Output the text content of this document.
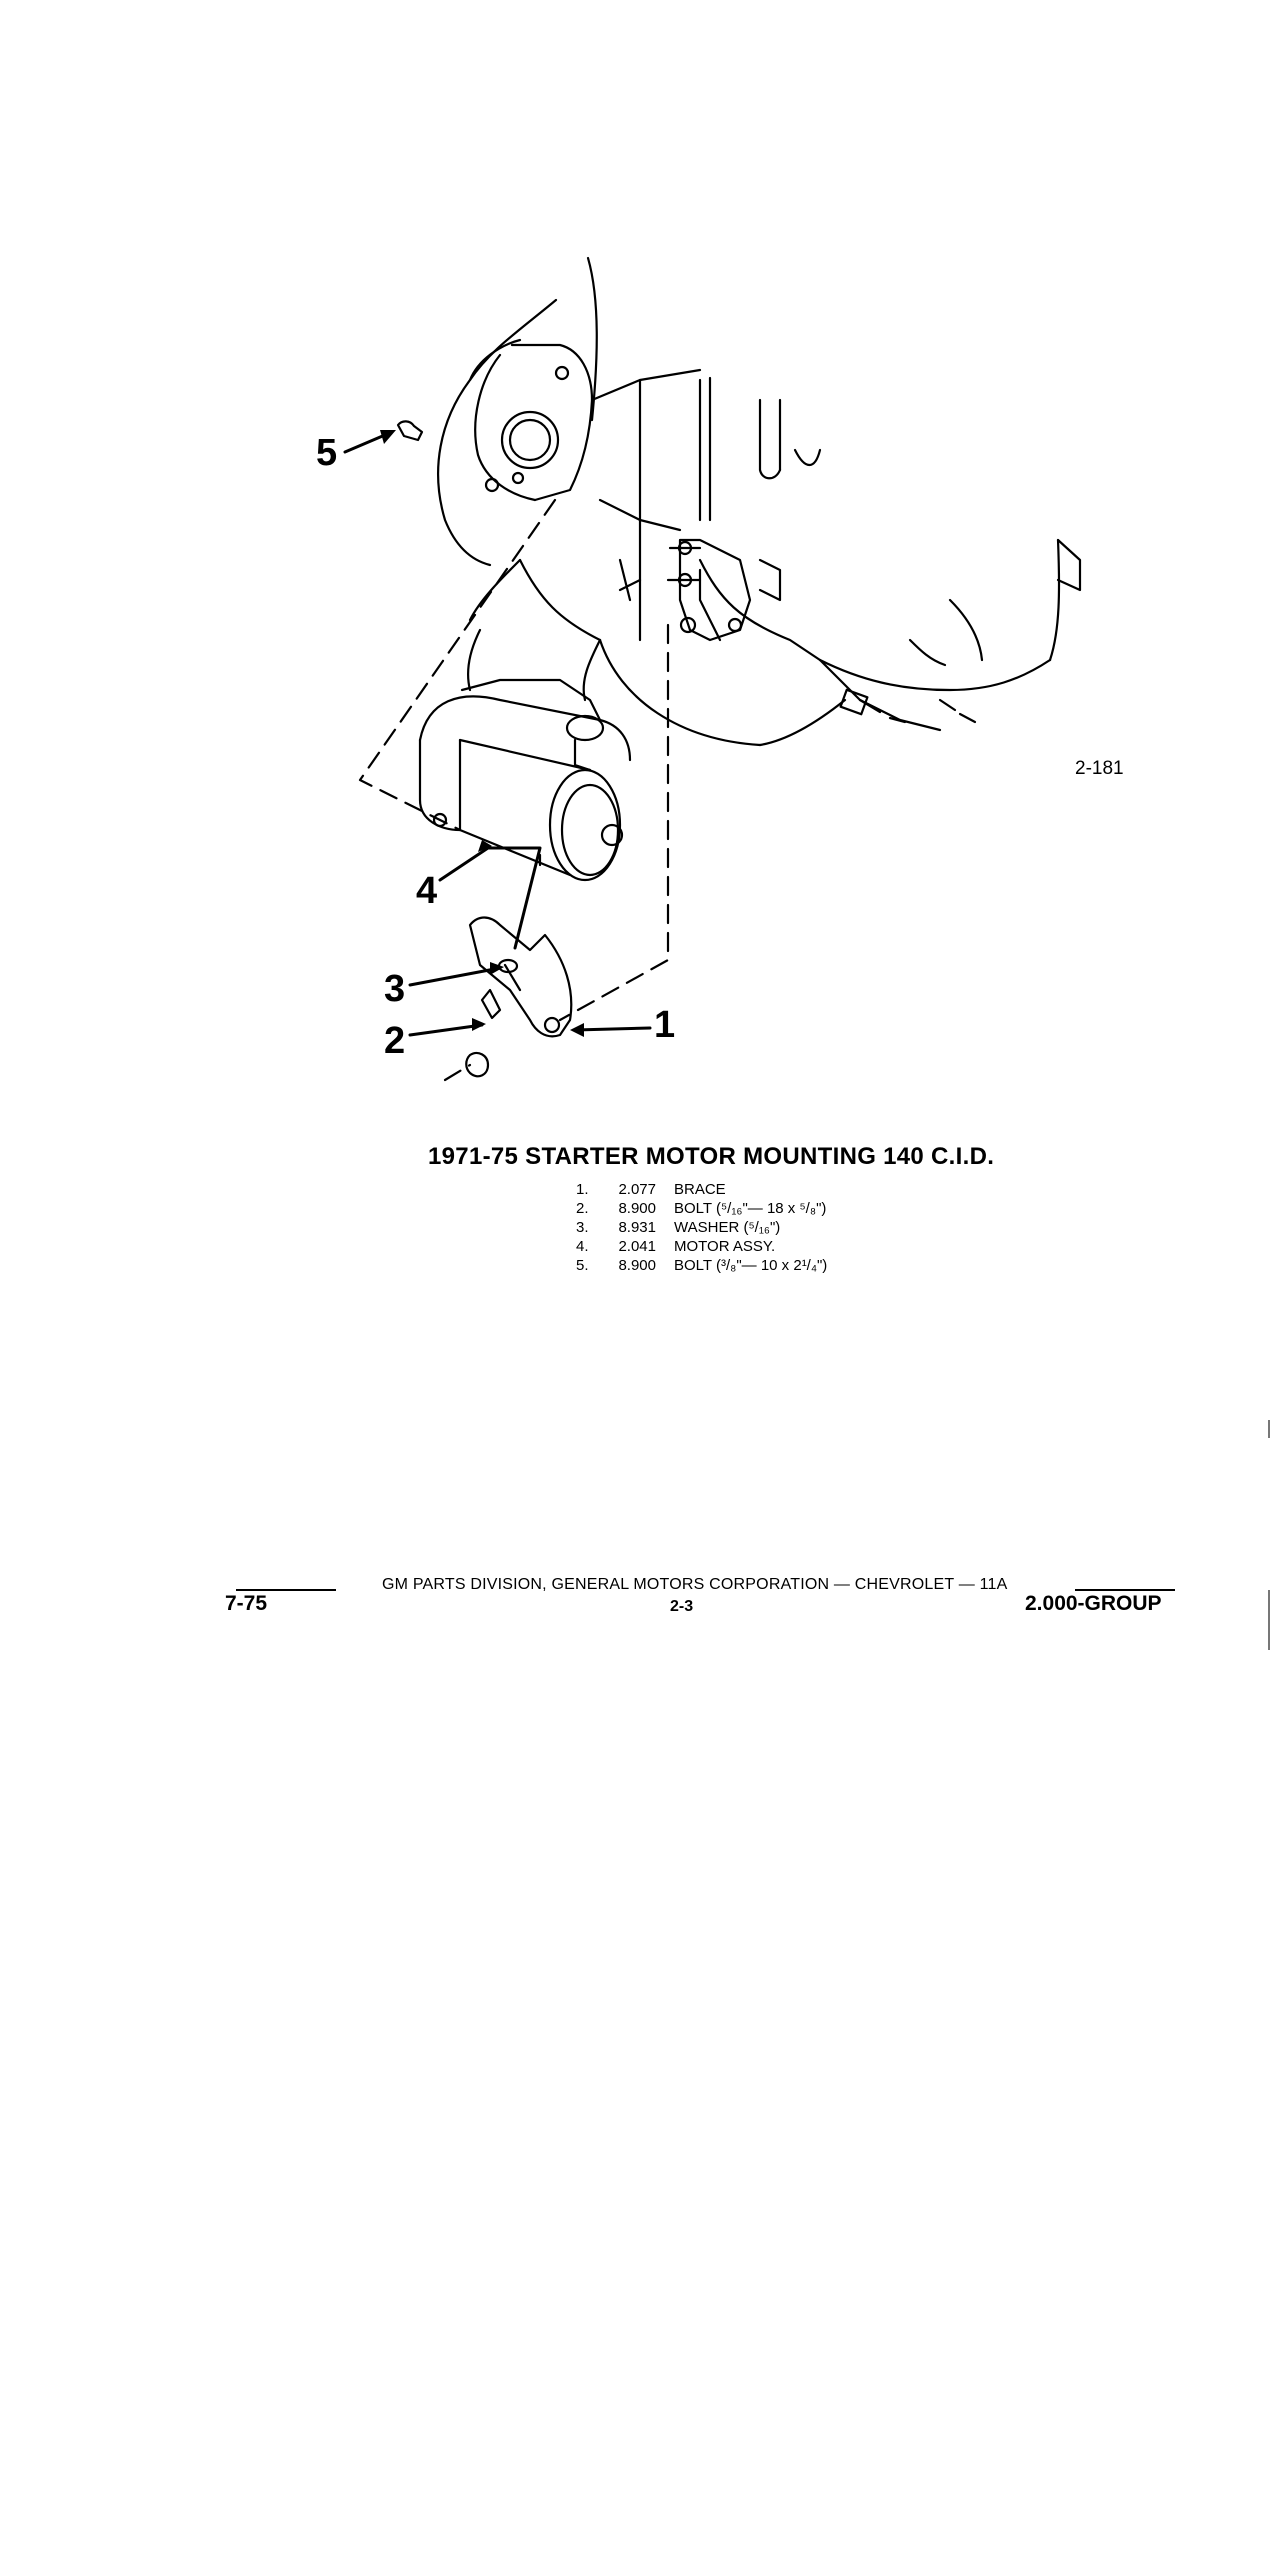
5
4
3
2	1
2-181
1971-75 STARTER MOTOR MOUNTING 140 C.I.D.
1.	2.077	BRACE
2.	8.900	BOLT (⁵/₁₆"— 18 x ⁵/₈")
3.	8.931	WASHER (⁵/₁₆")
4.	2.041	MOTOR ASSY.
5.	8.900	BOLT (³/₈"— 10 x 2¹/₄")
GM PARTS DIVISION, GENERAL MOTORS CORPORATION — CHEVROLET — 11A
2-3
7-75	2.000-GROUP
